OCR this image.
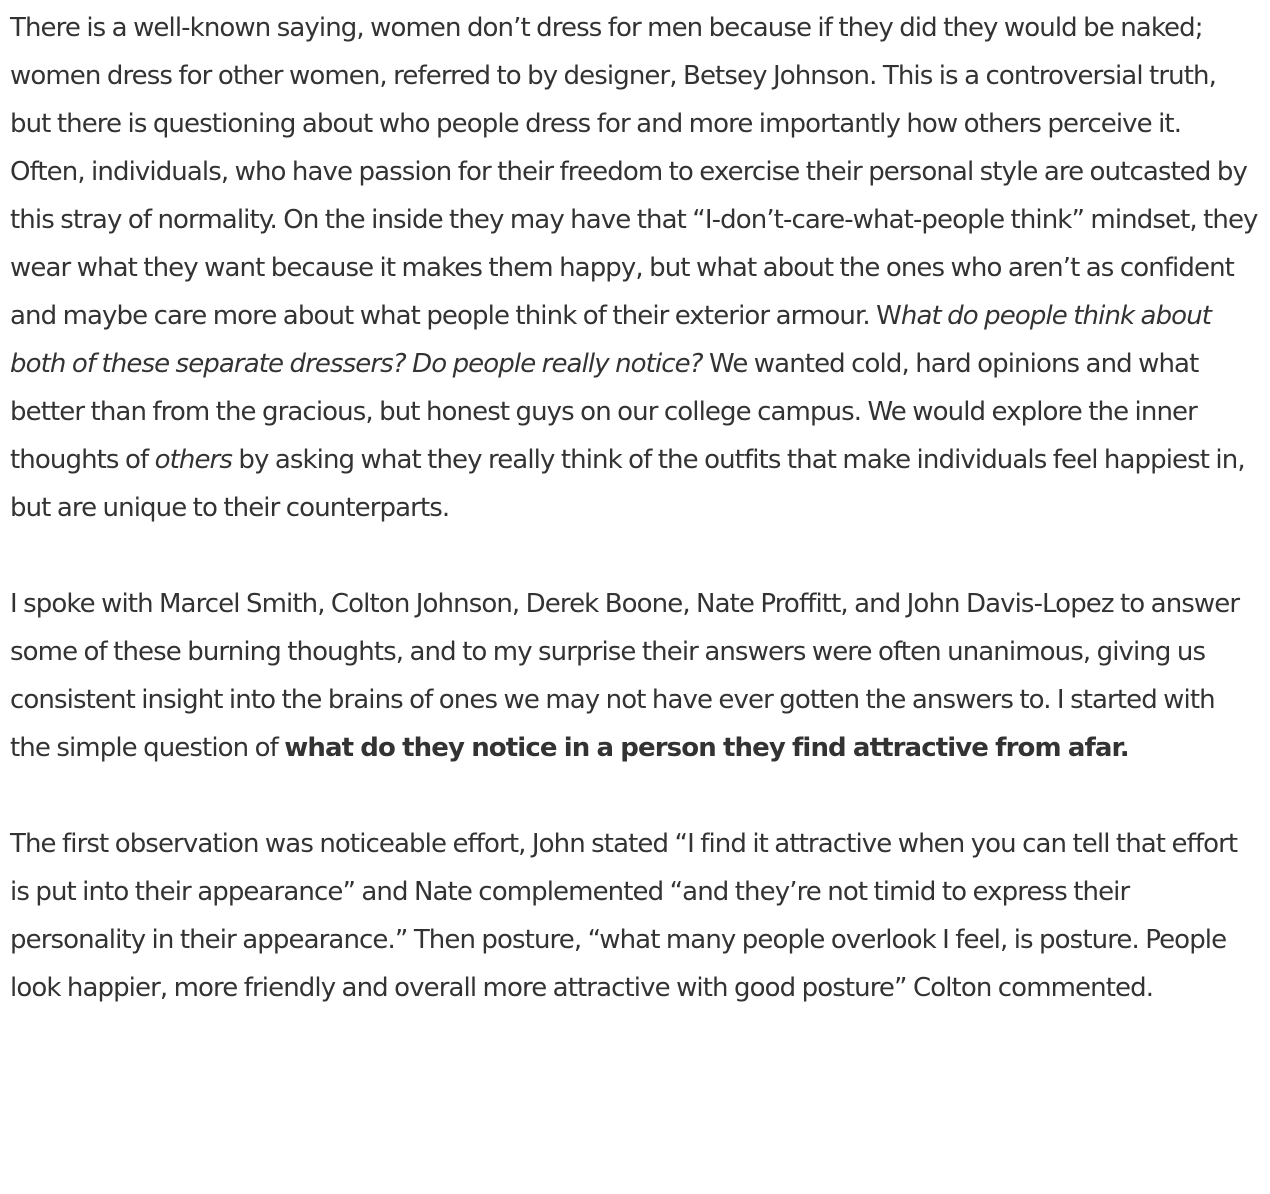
There is a well-known saying, women don’t dress for men because if they did they would be naked; women dress for other women, referred to by designer, Betsey Johnson. This is a controversial truth, but there is questioning about who people dress for and more importantly how others perceive it. Often, individuals, who have passion for their freedom to exercise their personal style are outcasted by this stray of normality. On the inside they may have that “I-don’t-care-what-people think” mindset, they wear what they want because it makes them happy, but what about the ones who aren’t as confident and maybe care more about what people think of their exterior armour. What do people think about both of these separate dressers? Do people really notice? We wanted cold, hard opinions and what better than from the gracious, but honest guys on our college campus. We would explore the inner thoughts of others by asking what they really think of the outfits that make individuals feel happiest in, but are unique to their counterparts.

I spoke with Marcel Smith, Colton Johnson, Derek Boone, Nate Proffitt, and John Davis-Lopez to answer some of these burning thoughts, and to my surprise their answers were often unanimous, giving us consistent insight into the brains of ones we may not have ever gotten the answers to. I started with the simple question of what do they notice in a person they find attractive from afar.

The first observation was noticeable effort, John stated “I find it attractive when you can tell that effort is put into their appearance” and Nate complemented “and they’re not timid to express their personality in their appearance.” Then posture, “what many people overlook I feel, is posture. People look happier, more friendly and overall more attractive with good posture” Colton commented.
